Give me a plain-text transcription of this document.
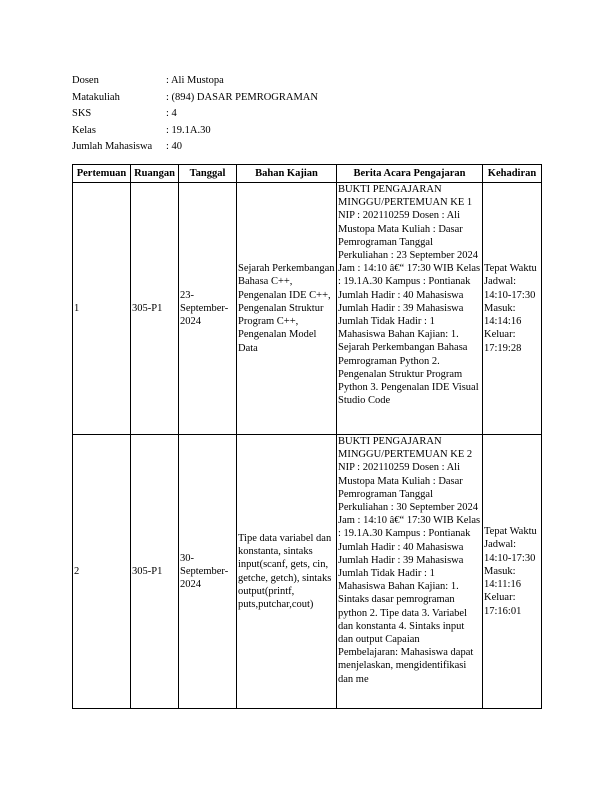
Dosen	: Ali Mustopa
Matakuliah	: (894) DASAR PEMROGRAMAN
SKS	: 4
Kelas	: 19.1A.30
Jumlah Mahasiswa	: 40
Pertemuan	Ruangan	Tanggal	Bahan Kajian	Berita Acara Pengajaran	Kehadiran
1	305-P1	23-September-2024	Sejarah Perkembangan Bahasa C++, Pengenalan IDE C++, Pengenalan Struktur Program C++, Pengenalan Model Data	BUKTI PENGAJARAN MINGGU/PERTEMUAN KE 1 NIP : 202110259 Dosen : Ali Mustopa Mata Kuliah : Dasar Pemrograman Tanggal Perkuliahan : 23 September 2024 Jam : 14:10 â€“ 17:30 WIB Kelas : 19.1A.30 Kampus : Pontianak Jumlah Hadir : 40 Mahasiswa Jumlah Hadir : 39 Mahasiswa Jumlah Tidak Hadir : 1 Mahasiswa Bahan Kajian: 1. Sejarah Perkembangan Bahasa Pemrograman Python 2. Pengenalan Struktur Program Python 3. Pengenalan IDE Visual Studio Code	Tepat Waktu Jadwal: 14:10-17:30 Masuk: 14:14:16 Keluar: 17:19:28
2	305-P1	30-September-2024	Tipe data variabel dan konstanta, sintaks input(scanf, gets, cin, getche, getch), sintaks output(printf, puts,putchar,cout)	BUKTI PENGAJARAN MINGGU/PERTEMUAN KE 2 NIP : 202110259 Dosen : Ali Mustopa Mata Kuliah : Dasar Pemrograman Tanggal Perkuliahan : 30 September 2024 Jam : 14:10 â€“ 17:30 WIB Kelas : 19.1A.30 Kampus : Pontianak Jumlah Hadir : 40 Mahasiswa Jumlah Hadir : 39 Mahasiswa Jumlah Tidak Hadir : 1 Mahasiswa Bahan Kajian: 1. Sintaks dasar pemrograman python 2. Tipe data 3. Variabel dan konstanta 4. Sintaks input dan output Capaian Pembelajaran: Mahasiswa dapat menjelaskan, mengidentifikasi dan me	Tepat Waktu Jadwal: 14:10-17:30 Masuk: 14:11:16 Keluar: 17:16:01
